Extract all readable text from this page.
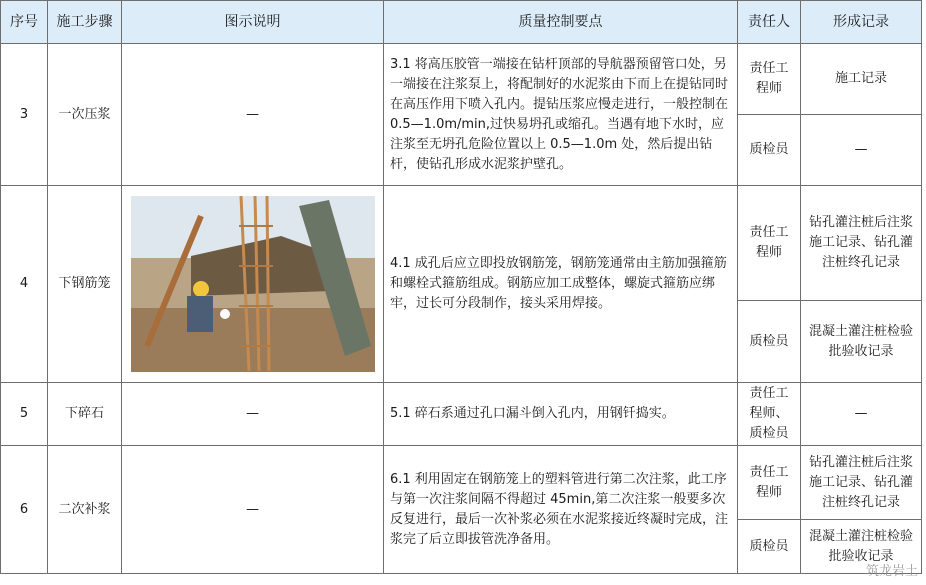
序号	施工步骤	图示说明	质量控制要点	责任人	形成记录
3	一次压浆	—	3.1 将高压胶管一端接在钻杆顶部的导航器预留管口处，另一端接在注浆泵上，将配制好的水泥浆由下而上在提钻同时在高压作用下喷入孔内。提钻压浆应慢走进行，一般控制在 0.5—1.0m/min,过快易坍孔或缩孔。当遇有地下水时，应注浆至无坍孔危险位置以上 0.5—1.0m 处，然后提出钻杆，使钻孔形成水泥浆护壁孔。	责任工程师	施工记录
				质检员	—
4	下钢筋笼		4.1 成孔后应立即投放钢筋笼，钢筋笼通常由主筋加强箍筋和螺栓式箍筋组成。钢筋应加工成整体，螺旋式箍筋应绑牢，过长可分段制作，接头采用焊接。	责任工程师	钻孔灌注桩后注浆施工记录、钻孔灌注桩终孔记录
				质检员	混凝土灌注桩检验批验收记录
5	下碎石	—	5.1 碎石系通过孔口漏斗倒入孔内，用钢钎捣实。	责任工程师、质检员	—
6	二次补浆	—	6.1 利用固定在钢筋笼上的塑料管进行第二次注浆，此工序与第一次注浆间隔不得超过 45min,第二次注浆一般要多次反复进行，最后一次补浆必须在水泥浆接近终凝时完成，注浆完了后立即拔管洗净备用。	责任工程师	钻孔灌注桩后注浆施工记录、钻孔灌注桩终孔记录
				质检员	混凝土灌注桩检验批验收记录
筑龙岩土
